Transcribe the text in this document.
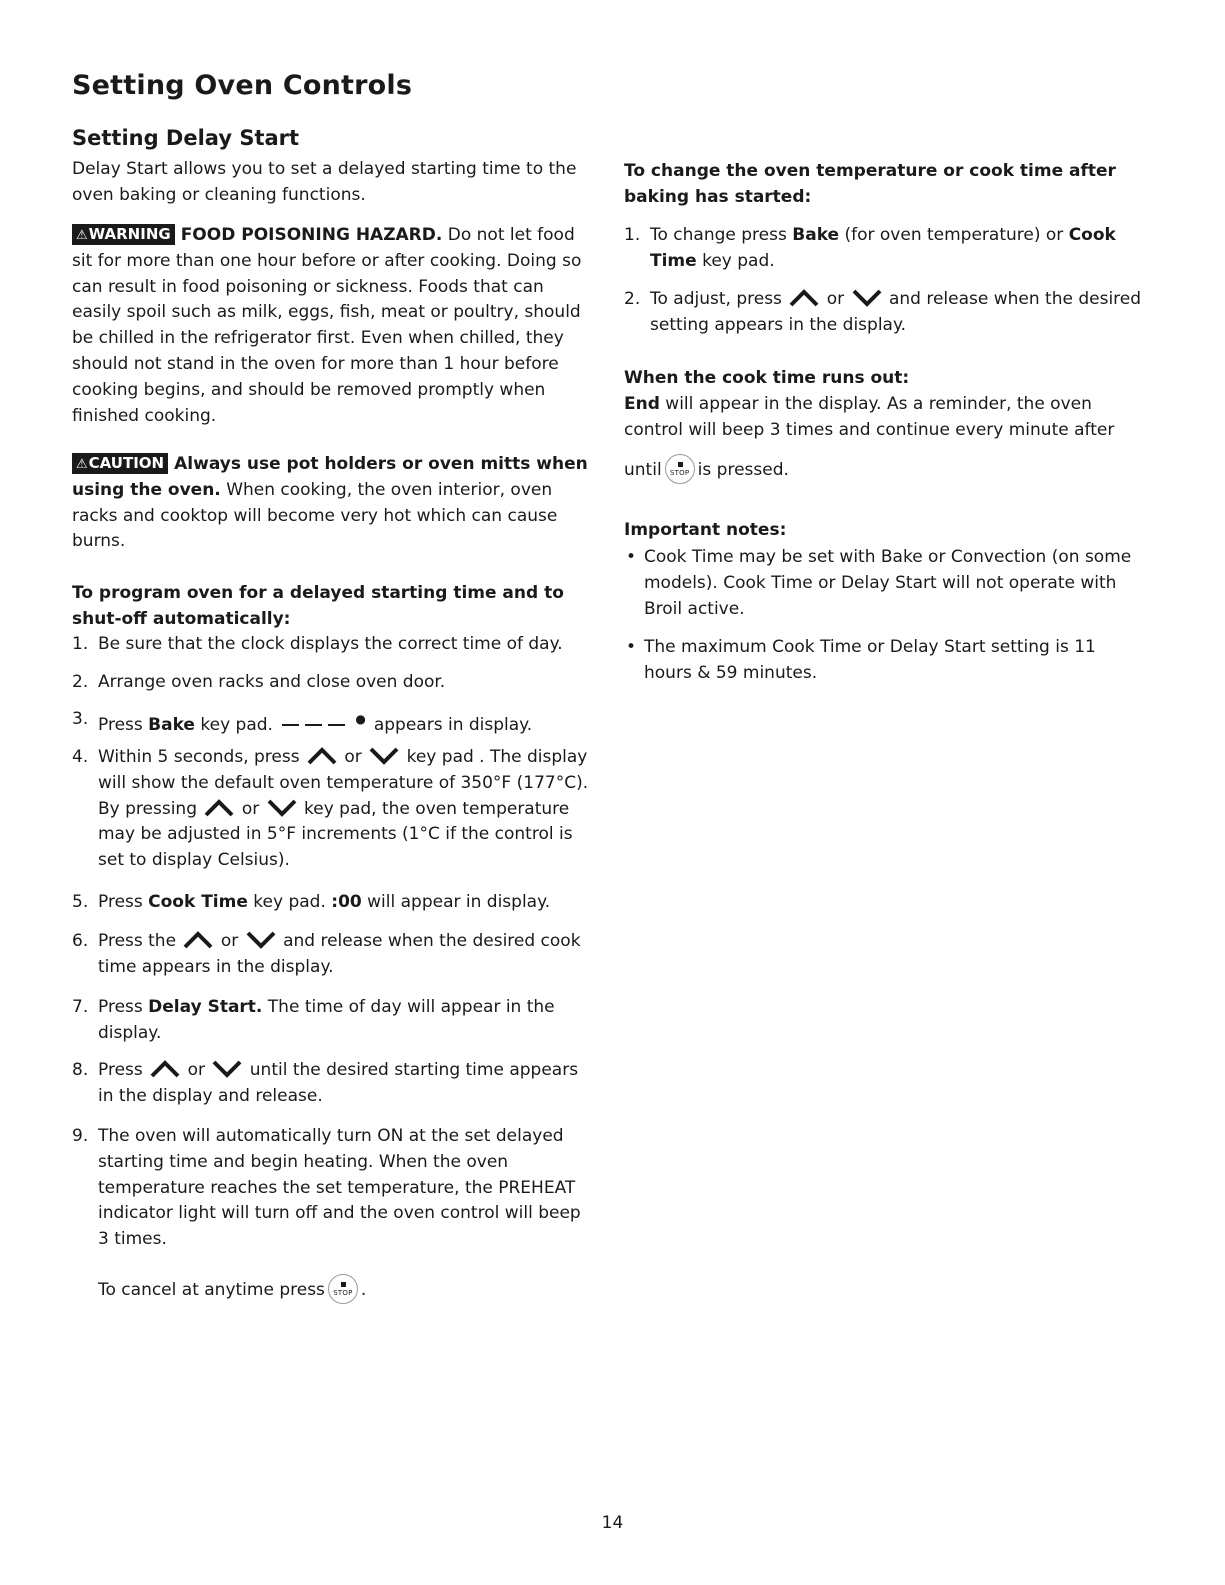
Setting Oven Controls
Setting Delay Start
Delay Start allows you to set a delayed starting time to the oven baking or cleaning functions.
⚠WARNING FOOD POISONING HAZARD. Do not let food sit for more than one hour before or after cooking. Doing so can result in food poisoning or sickness. Foods that can easily spoil such as milk, eggs, fish, meat or poultry, should be chilled in the refrigerator first. Even when chilled, they should not stand in the oven for more than 1 hour before cooking begins, and should be removed promptly when finished cooking.
⚠CAUTION Always use pot holders or oven mitts when using the oven. When cooking, the oven interior, oven racks and cooktop will become very hot which can cause burns.
To program oven for a delayed starting time and to shut-off automatically:
1. Be sure that the clock displays the correct time of day.
2. Arrange oven racks and close oven door.
3. Press Bake key pad.	● appears in display.
4. Within 5 seconds, press	or	key pad . The display will show the default oven temperature of 350°F (177°C). By pressing	or	key pad, the oven temperature may be adjusted in 5°F increments (1°C if the control is set to display Celsius).
5. Press Cook Time key pad. :00 will appear in display.
6. Press the	or	and release when the desired cook time appears in the display.
7. Press Delay Start. The time of day will appear in the display.
8. Press	or	until the desired starting time appears in the display and release.
9. The oven will automatically turn ON at the set delayed starting time and begin heating. When the oven temperature reaches the set temperature, the PREHEAT indicator light will turn off and the oven control will beep 3 times.
To cancel at anytime press	STOP .
To change the oven temperature or cook time after baking has started:
1. To change press Bake (for oven temperature) or Cook Time key pad.
2. To adjust, press	or	and release when the desired setting appears in the display.
When the cook time runs out:
End will appear in the display. As a reminder, the oven control will beep 3 times and continue every minute after
until	STOP is pressed.
Important notes:
• Cook Time may be set with Bake or Convection (on some models). Cook Time or Delay Start will not operate with Broil active.
• The maximum Cook Time or Delay Start setting is 11 hours & 59 minutes.
14
